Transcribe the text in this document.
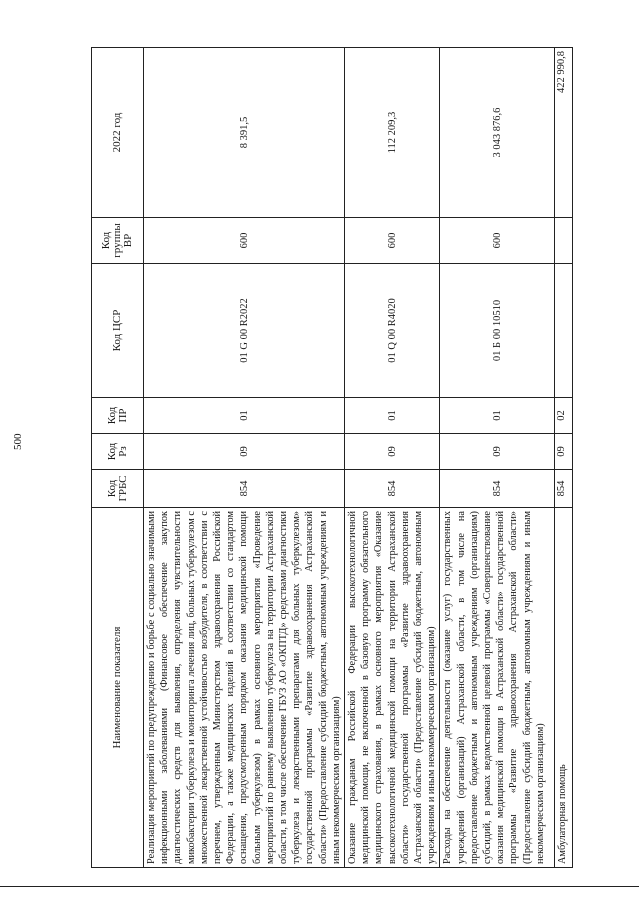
500
Наименование показателя	Код ГРБС	Код Рз	Код ПР	Код ЦСР	Код группы ВР	2022 год
Реализация мероприятий по предупреждению и борьбе с социально значимыми инфекционными заболеваниями (Финансовое обеспечение закупок диагностических средств для выявления, определения чувствительности микобактерии туберкулеза и мониторинга лечения лиц, больных туберкулезом с множественной лекарственной устойчивостью возбудителя, в соответствии с перечнем, утвержденным Министерством здравоохранения Российской Федерации, а также медицинских изделий в соответствии со стандартом оснащения, предусмотренным порядком оказания медицинской помощи больным туберкулезом) в рамках основного мероприятия «Проведение мероприятий по раннему выявлению туберкулеза на территории Астраханской области, в том числе обеспечение ГБУЗ АО «ОКПТД» средствами диагностики туберкулеза и лекарственными препаратами для больных туберкулезом» государственной программы «Развитие здравоохранения Астраханской области» (Предоставление субсидий бюджетным, автономным учреждениям и иным некоммерческим организациям)	854	09	01	01 G 00 R2022	600	8 391,5
Оказание гражданам Российской Федерации высокотехнологичной медицинской помощи, не включенной в базовую программу обязательного медицинского страхования, в рамках основного мероприятия «Оказание высокотехнологичной медицинской помощи на территории Астраханской области» государственной программы «Развитие здравоохранения Астраханской области» (Предоставление субсидий бюджетным, автономным учреждениям и иным некоммерческим организациям)	854	09	01	01 Q 00 R4020	600	112 209,3
Расходы на обеспечение деятельности (оказание услуг) государственных учреждений (организаций) Астраханской области, в том числе на предоставление бюджетным и автономным учреждениям (организациям) субсидий, в рамках ведомственной целевой программы «Совершенствование оказания медицинской помощи в Астраханской области» государственной программы «Развитие здравоохранения Астраханской области» (Предоставление субсидий бюджетным, автономным учреждениям и иным некоммерческим организациям)	854	09	01	01 Б 00 10510	600	3 043 876,6
Амбулаторная помощь	854	09	02			422 990,8
